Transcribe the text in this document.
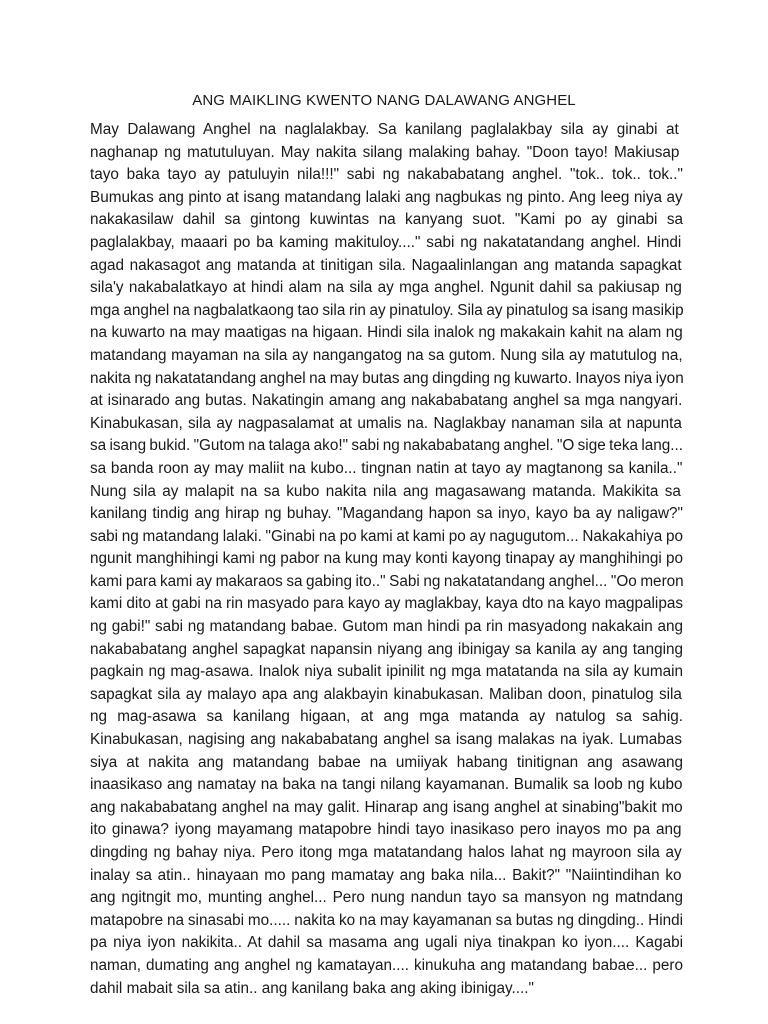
ANG MAIKLING KWENTO NANG DALAWANG ANGHEL
May Dalawang Anghel na naglalakbay. Sa kanilang paglalakbay sila ay ginabi at
naghanap ng matutuluyan. May nakita silang malaking bahay. "Doon tayo! Makiusap
tayo baka tayo ay patuluyin nila!!!" sabi ng nakababatang anghel. "tok.. tok.. tok.."
Bumukas ang pinto at isang matandang lalaki ang nagbukas ng pinto. Ang leeg niya ay
nakakasilaw dahil sa gintong kuwintas na kanyang suot. "Kami po ay ginabi sa
paglalakbay, maaari po ba kaming makituloy...." sabi ng nakatatandang anghel. Hindi
agad nakasagot ang matanda at tinitigan sila. Nagaalinlangan ang matanda sapagkat
sila'y nakabalatkayo at hindi alam na sila ay mga anghel. Ngunit dahil sa pakiusap ng
mga anghel na nagbalatkaong tao sila rin ay pinatuloy. Sila ay pinatulog sa isang masikip
na kuwarto na may maatigas na higaan. Hindi sila inalok ng makakain kahit na alam ng
matandang mayaman na sila ay nangangatog na sa gutom. Nung sila ay matutulog na,
nakita ng nakatatandang anghel na may butas ang dingding ng kuwarto. Inayos niya iyon
at isinarado ang butas. Nakatingin amang ang nakababatang anghel sa mga nangyari.
Kinabukasan, sila ay nagpasalamat at umalis na. Naglakbay nanaman sila at napunta
sa isang bukid. "Gutom na talaga ako!" sabi ng nakababatang anghel. "O sige teka lang...
sa banda roon ay may maliit na kubo... tingnan natin at tayo ay magtanong sa kanila.."
Nung sila ay malapit na sa kubo nakita nila ang magasawang matanda. Makikita sa
kanilang tindig ang hirap ng buhay. "Magandang hapon sa inyo, kayo ba ay naligaw?"
sabi ng matandang lalaki. "Ginabi na po kami at kami po ay nagugutom... Nakakahiya po
ngunit manghihingi kami ng pabor na kung may konti kayong tinapay ay manghihingi po
kami para kami ay makaraos sa gabing ito.." Sabi ng nakatatandang anghel... "Oo meron
kami dito at gabi na rin masyado para kayo ay maglakbay, kaya dto na kayo magpalipas
ng gabi!" sabi ng matandang babae. Gutom man hindi pa rin masyadong nakakain ang
nakababatang anghel sapagkat napansin niyang ang ibinigay sa kanila ay ang tanging
pagkain ng mag-asawa. Inalok niya subalit ipinilit ng mga matatanda na sila ay kumain
sapagkat sila ay malayo apa ang alakbayin kinabukasan. Maliban doon, pinatulog sila
ng mag-asawa sa kanilang higaan, at ang mga matanda ay natulog sa sahig.
Kinabukasan, nagising ang nakababatang anghel sa isang malakas na iyak. Lumabas
siya at nakita ang matandang babae na umiiyak habang tinitignan ang asawang
inaasikaso ang namatay na baka na tangi nilang kayamanan. Bumalik sa loob ng kubo
ang nakababatang anghel na may galit. Hinarap ang isang anghel at sinabing"bakit mo
ito ginawa? iyong mayamang matapobre hindi tayo inasikaso pero inayos mo pa ang
dingding ng bahay niya. Pero itong mga matatandang halos lahat ng mayroon sila ay
inalay sa atin.. hinayaan mo pang mamatay ang baka nila... Bakit?" "Naiintindihan ko
ang ngitngit mo, munting anghel... Pero nung nandun tayo sa mansyon ng matndang
matapobre na sinasabi mo..... nakita ko na may kayamanan sa butas ng dingding.. Hindi
pa niya iyon nakikita.. At dahil sa masama ang ugali niya tinakpan ko iyon.... Kagabi
naman, dumating ang anghel ng kamatayan.... kinukuha ang matandang babae... pero
dahil mabait sila sa atin.. ang kanilang baka ang aking ibinigay...."
